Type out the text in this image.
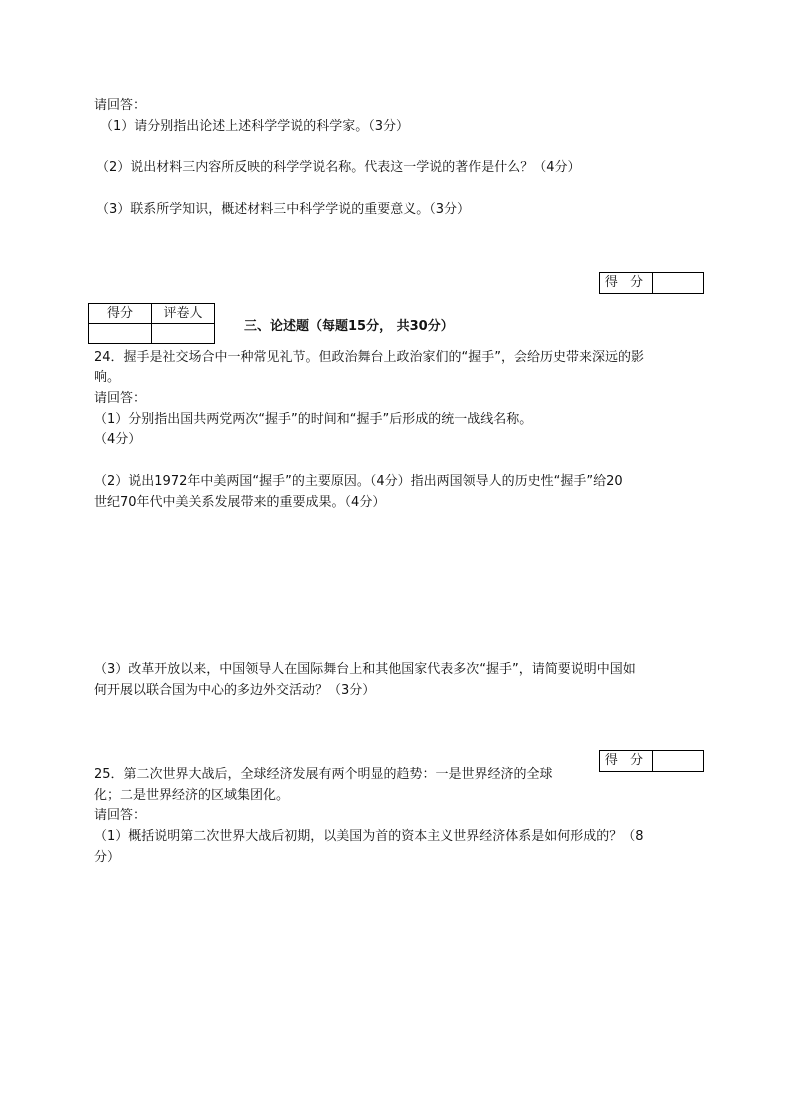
请回答：

（1）请分别指出论述上述科学学说的科学家。（3分）

（2）说出材料三内容所反映的科学学说名称。代表这一学说的著作是什么？（4分）

（3）联系所学知识，概述材料三中科学学说的重要意义。（3分）

得 分
得分	评卷人

三、论述题（每题15分， 共30分）

24．握手是社交场合中一种常见礼节。但政治舞台上政治家们的“握手”，会给历史带来深远的影

响。

请回答：

（1）分别指出国共两党两次“握手”的时间和“握手”后形成的统一战线名称。

（4分）

（2）说出1972年中美两国“握手”的主要原因。（4分）指出两国领导人的历史性“握手”给20

世纪70年代中美关系发展带来的重要成果。（4分）

（3）改革开放以来，中国领导人在国际舞台上和其他国家代表多次“握手”，请简要说明中国如

何开展以联合国为中心的多边外交活动？（3分）

得 分

25．第二次世界大战后，全球经济发展有两个明显的趋势：一是世界经济的全球

化；二是世界经济的区域集团化。

请回答：

（1）概括说明第二次世界大战后初期，以美国为首的资本主义世界经济体系是如何形成的？（8

分）
